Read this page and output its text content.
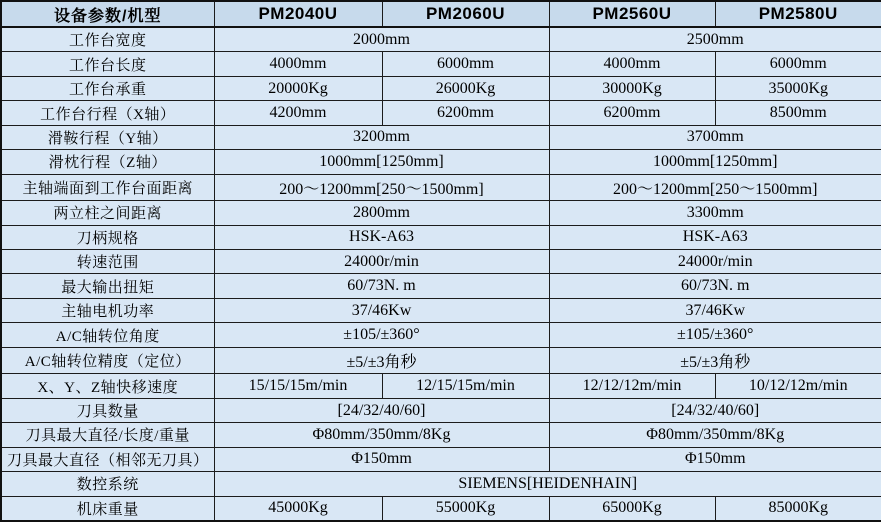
设备参数/机型	PM2040U	PM2060U	PM2560U	PM2580U
工作台宽度	2000mm		2500mm	
工作台长度	4000mm	6000mm	4000mm	6000mm
工作台承重	20000Kg	26000Kg	30000Kg	35000Kg
工作台行程（X轴）	4200mm	6200mm	6200mm	8500mm
滑鞍行程（Y轴）	3200mm		3700mm	
滑枕行程（Z轴）	1000mm[1250mm]		1000mm[1250mm]	
主轴端面到工作台面距离	200～1200mm[250～1500mm]		200～1200mm[250～1500mm]	
两立柱之间距离	2800mm		3300mm	
刀柄规格	HSK-A63		HSK-A63	
转速范围	24000r/min		24000r/min	
最大输出扭矩	60/73N. m		60/73N. m	
主轴电机功率	37/46Kw		37/46Kw	
A/C轴转位角度	±105/±360°		±105/±360°	
A/C轴转位精度（定位）	±5/±3角秒		±5/±3角秒	
X、Y、Z轴快移速度	15/15/15m/min	12/15/15m/min	12/12/12m/min	10/12/12m/min
刀具数量	[24/32/40/60]		[24/32/40/60]	
刀具最大直径/长度/重量	Φ80mm/350mm/8Kg		Φ80mm/350mm/8Kg	
刀具最大直径（相邻无刀具）	Φ150mm		Φ150mm	
数控系统	SIEMENS[HEIDENHAIN]			
机床重量	45000Kg	55000Kg	65000Kg	85000Kg
